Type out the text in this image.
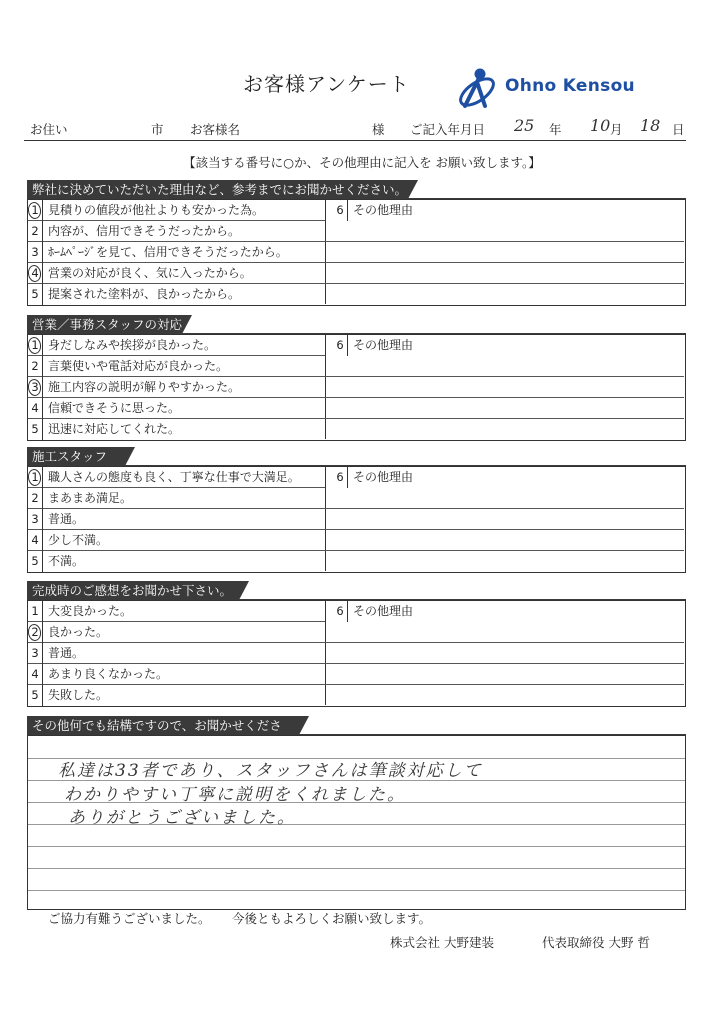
お客様アンケート	Ohno Kensou
お住い	市 お客様名	様 ご記入年月日 25 年 10 月 18 日
【該当する番号に○か、その他理由に記入を お願い致します。】
弊社に決めていただいた理由など、参考までにお聞かせください。
1 見積りの値段が他社よりも安かった為。
2 内容が、信用できそうだったから。
3 ﾎｰﾑﾍﾟｰｼﾞを見て、信用できそうだったから。
4 営業の対応が良く、気に入ったから。
5 提案された塗料が、良かったから。
6 その他理由
営業／事務スタッフの対応
1 身だしなみや挨拶が良かった。
2 言葉使いや電話対応が良かった。
3 施工内容の説明が解りやすかった。
4 信頼できそうに思った。
5 迅速に対応してくれた。
6 その他理由
施工スタッフ
1 職人さんの態度も良く、丁寧な仕事で大満足。
2 まあまあ満足。
3 普通。
4 少し不満。
5 不満。
6 その他理由
完成時のご感想をお聞かせ下さい。
1 大変良かった。
2 良かった。
3 普通。
4 あまり良くなかった。
5 失敗した。
6 その他理由
その他何でも結構ですので、お聞かせください。
私達は33者であり、スタッフさんは筆談対応して
わかりやすい丁寧に説明をくれました。
ありがとうございました。
ご協力有難うございました。 今後ともよろしくお願い致します。
株式会社 大野建装	代表取締役 大野 哲
